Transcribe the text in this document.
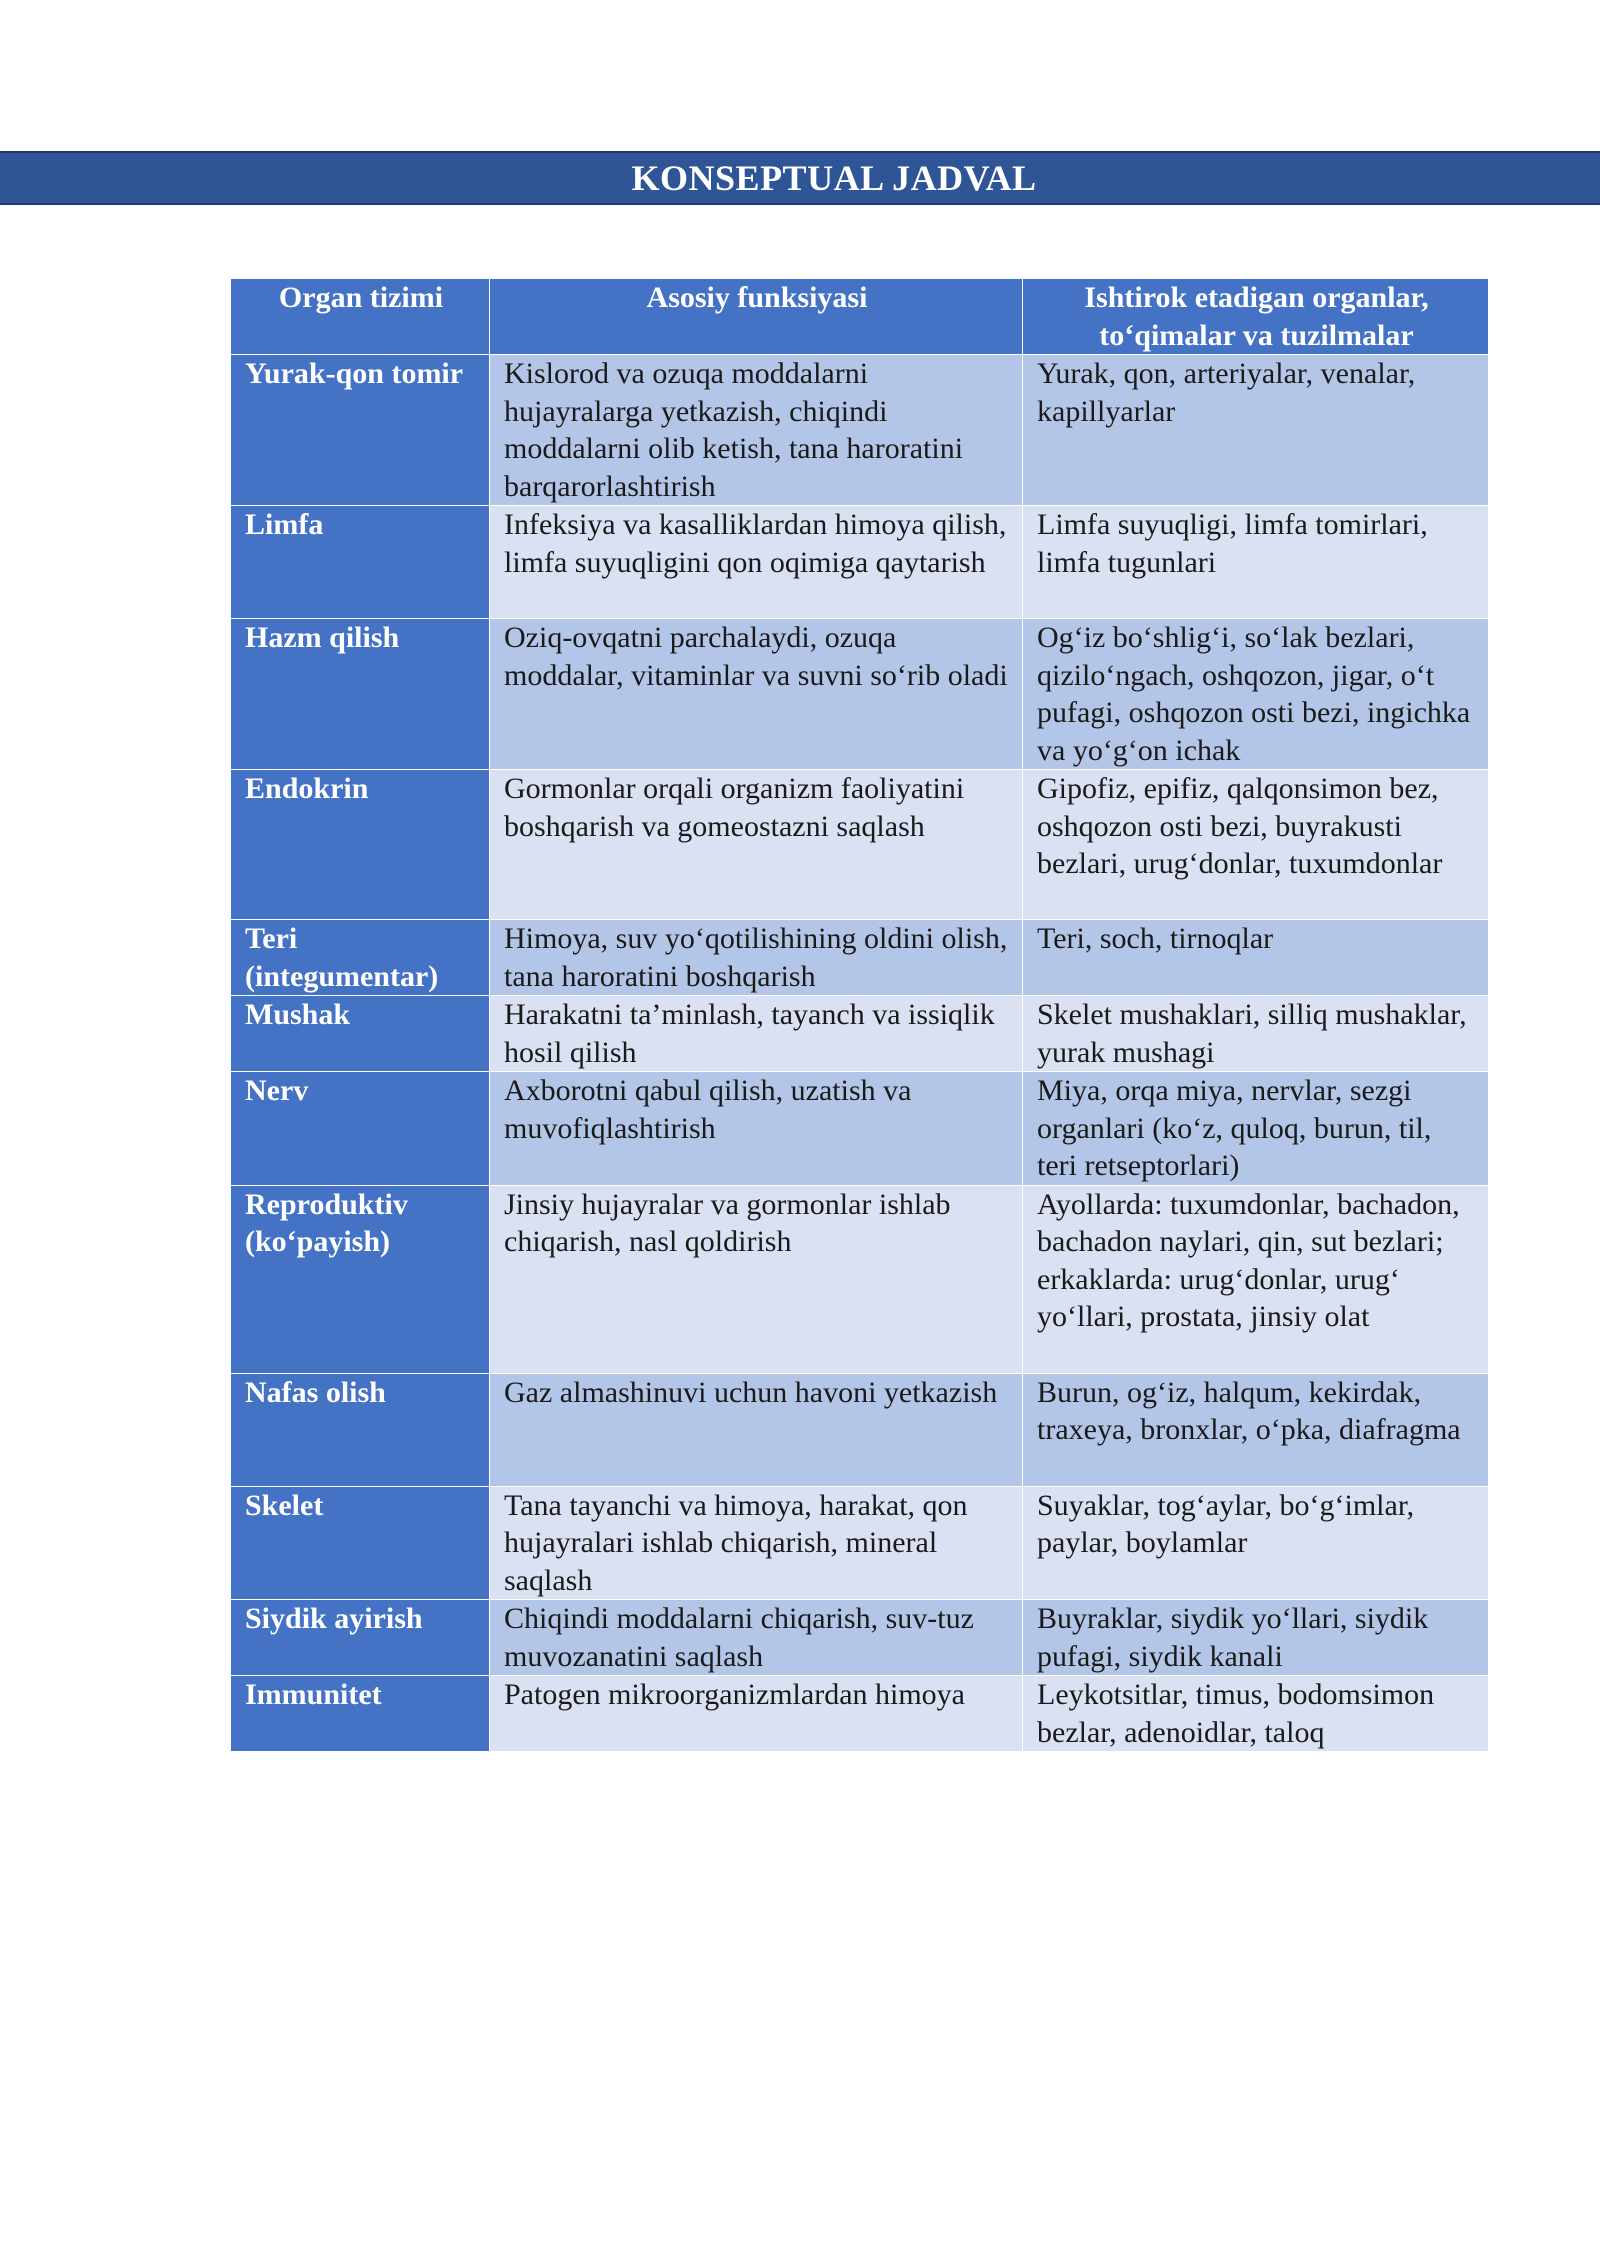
KONSEPTUAL JADVAL
Organ tizimi	Asosiy funksiyasi	Ishtirok etadigan organlar, to‘qimalar va tuzilmalar
Yurak-qon tomir	Kislorod va ozuqa moddalarni hujayralarga yetkazish, chiqindi moddalarni olib ketish, tana haroratini barqarorlashtirish	Yurak, qon, arteriyalar, venalar, kapillyarlar
Limfa	Infeksiya va kasalliklardan himoya qilish, limfa suyuqligini qon oqimiga qaytarish	Limfa suyuqligi, limfa tomirlari, limfa tugunlari
Hazm qilish	Oziq-ovqatni parchalaydi, ozuqa moddalar, vitaminlar va suvni so‘rib oladi	Og‘iz bo‘shlig‘i, so‘lak bezlari, qizilo‘ngach, oshqozon, jigar, o‘t pufagi, oshqozon osti bezi, ingichka va yo‘g‘on ichak
Endokrin	Gormonlar orqali organizm faoliyatini boshqarish va gomeostazni saqlash	Gipofiz, epifiz, qalqonsimon bez, oshqozon osti bezi, buyrakusti bezlari, urug‘donlar, tuxumdonlar
Teri (integumentar)	Himoya, suv yo‘qotilishining oldini olish, tana haroratini boshqarish	Teri, soch, tirnoqlar
Mushak	Harakatni ta’minlash, tayanch va issiqlik hosil qilish	Skelet mushaklari, silliq mushaklar, yurak mushagi
Nerv	Axborotni qabul qilish, uzatish va muvofiqlashtirish	Miya, orqa miya, nervlar, sezgi organlari (ko‘z, quloq, burun, til, teri retseptorlari)
Reproduktiv (ko‘payish)	Jinsiy hujayralar va gormonlar ishlab chiqarish, nasl qoldirish	Ayollarda: tuxumdonlar, bachadon, bachadon naylari, qin, sut bezlari; erkaklarda: urug‘donlar, urug‘ yo‘llari, prostata, jinsiy olat
Nafas olish	Gaz almashinuvi uchun havoni yetkazish	Burun, og‘iz, halqum, kekirdak, traxeya, bronxlar, o‘pka, diafragma
Skelet	Tana tayanchi va himoya, harakat, qon hujayralari ishlab chiqarish, mineral saqlash	Suyaklar, tog‘aylar, bo‘g‘imlar, paylar, boylamlar
Siydik ayirish	Chiqindi moddalarni chiqarish, suv-tuz muvozanatini saqlash	Buyraklar, siydik yo‘llari, siydik pufagi, siydik kanali
Immunitet	Patogen mikroorganizmlardan himoya	Leykotsitlar, timus, bodomsimon bezlar, adenoidlar, taloq
